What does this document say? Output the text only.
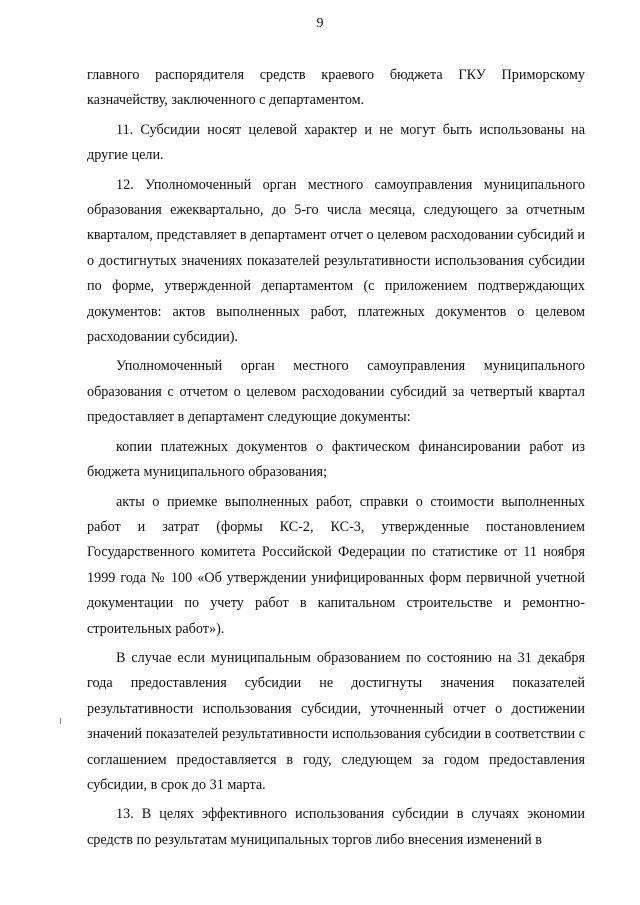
9

главного распорядителя средств краевого бюджета ГКУ Приморскому казначейству, заключенного с департаментом.

11. Субсидии носят целевой характер и не могут быть использованы на другие цели.

12. Уполномоченный орган местного самоуправления муниципального образования ежеквартально, до 5-го числа месяца, следующего за отчетным кварталом, представляет в департамент отчет о целевом расходовании субсидий и о достигнутых значениях показателей результативности использования субсидии по форме, утвержденной департаментом (с приложением подтверждающих документов: актов выполненных работ, платежных документов о целевом расходовании субсидии).

Уполномоченный орган местного самоуправления муниципального образования с отчетом о целевом расходовании субсидий за четвертый квартал предоставляет в департамент следующие документы:

копии платежных документов о фактическом финансировании работ из бюджета муниципального образования;

акты о приемке выполненных работ, справки о стоимости выполненных работ и затрат (формы КС-2, КС-3, утвержденные постановлением Государственного комитета Российской Федерации по статистике от 11 ноября 1999 года № 100 «Об утверждении унифицированных форм первичной учетной документации по учету работ в капитальном строительстве и ремонтно-строительных работ»).

В случае если муниципальным образованием по состоянию на 31 декабря года предоставления субсидии не достигнуты значения показателей результативности использования субсидии, уточненный отчет о достижении значений показателей результативности использования субсидии в соответствии с соглашением предоставляется в году, следующем за годом предоставления субсидии, в срок до 31 марта.

13. В целях эффективного использования субсидии в случаях экономии средств по результатам муниципальных торгов либо внесения изменений в
